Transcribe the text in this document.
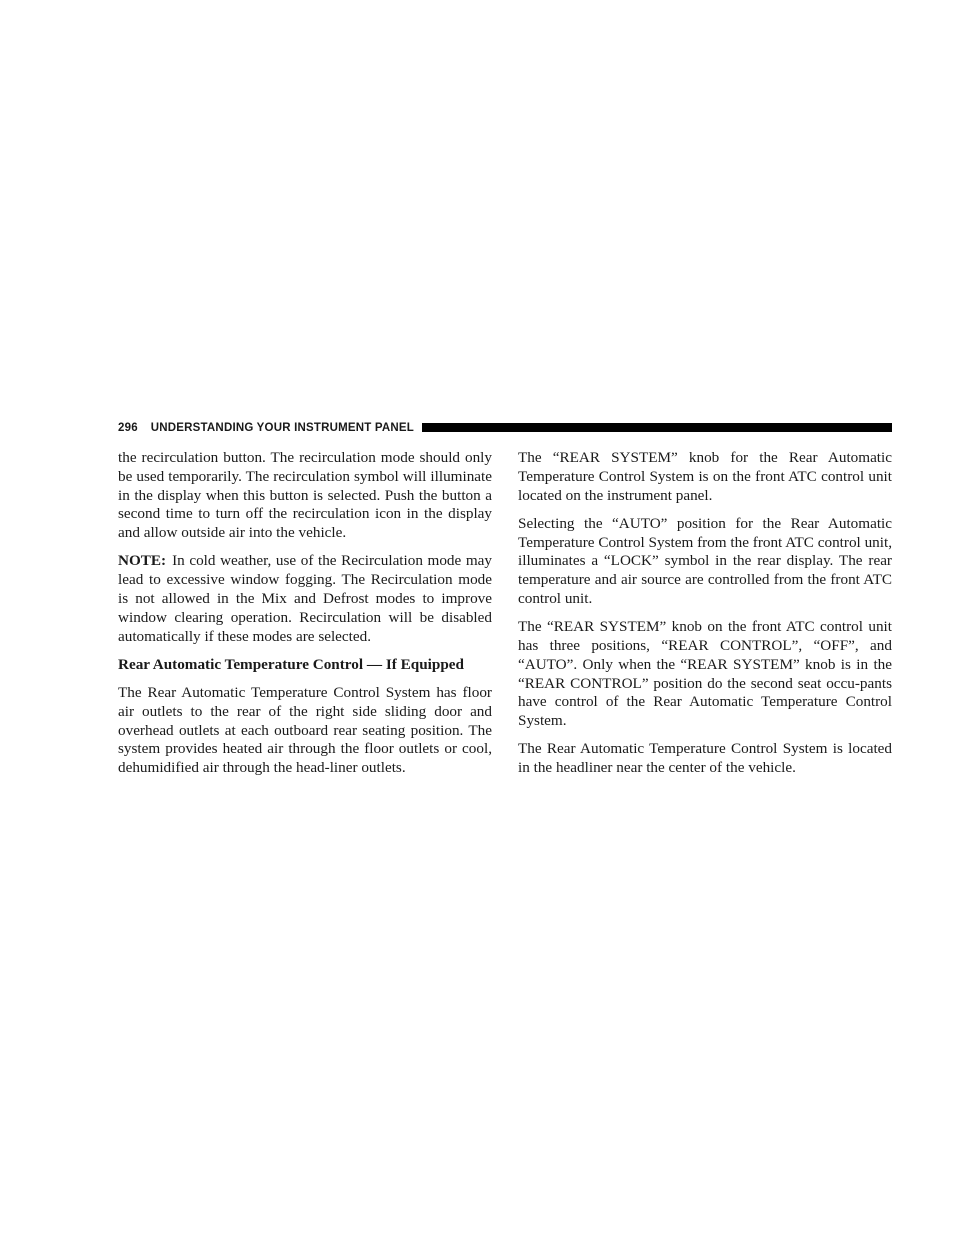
296 UNDERSTANDING YOUR INSTRUMENT PANEL

the recirculation button. The recirculation mode should only be used temporarily. The recirculation symbol will illuminate in the display when this button is selected. Push the button a second time to turn off the recirculation icon in the display and allow outside air into the vehicle.

NOTE: In cold weather, use of the Recirculation mode may lead to excessive window fogging. The Recirculation mode is not allowed in the Mix and Defrost modes to improve window clearing operation. Recirculation will be disabled automatically if these modes are selected.

Rear Automatic Temperature Control — If Equipped

The Rear Automatic Temperature Control System has floor air outlets to the rear of the right side sliding door and overhead outlets at each outboard rear seating position. The system provides heated air through the floor outlets or cool, dehumidified air through the head-liner outlets.

The “REAR SYSTEM” knob for the Rear Automatic Temperature Control System is on the front ATC control unit located on the instrument panel.

Selecting the “AUTO” position for the Rear Automatic Temperature Control System from the front ATC control unit, illuminates a “LOCK” symbol in the rear display. The rear temperature and air source are controlled from the front ATC control unit.

The “REAR SYSTEM” knob on the front ATC control unit has three positions, “REAR CONTROL”, “OFF”, and “AUTO”. Only when the “REAR SYSTEM” knob is in the “REAR CONTROL” position do the second seat occu-pants have control of the Rear Automatic Temperature Control System.

The Rear Automatic Temperature Control System is located in the headliner near the center of the vehicle.
